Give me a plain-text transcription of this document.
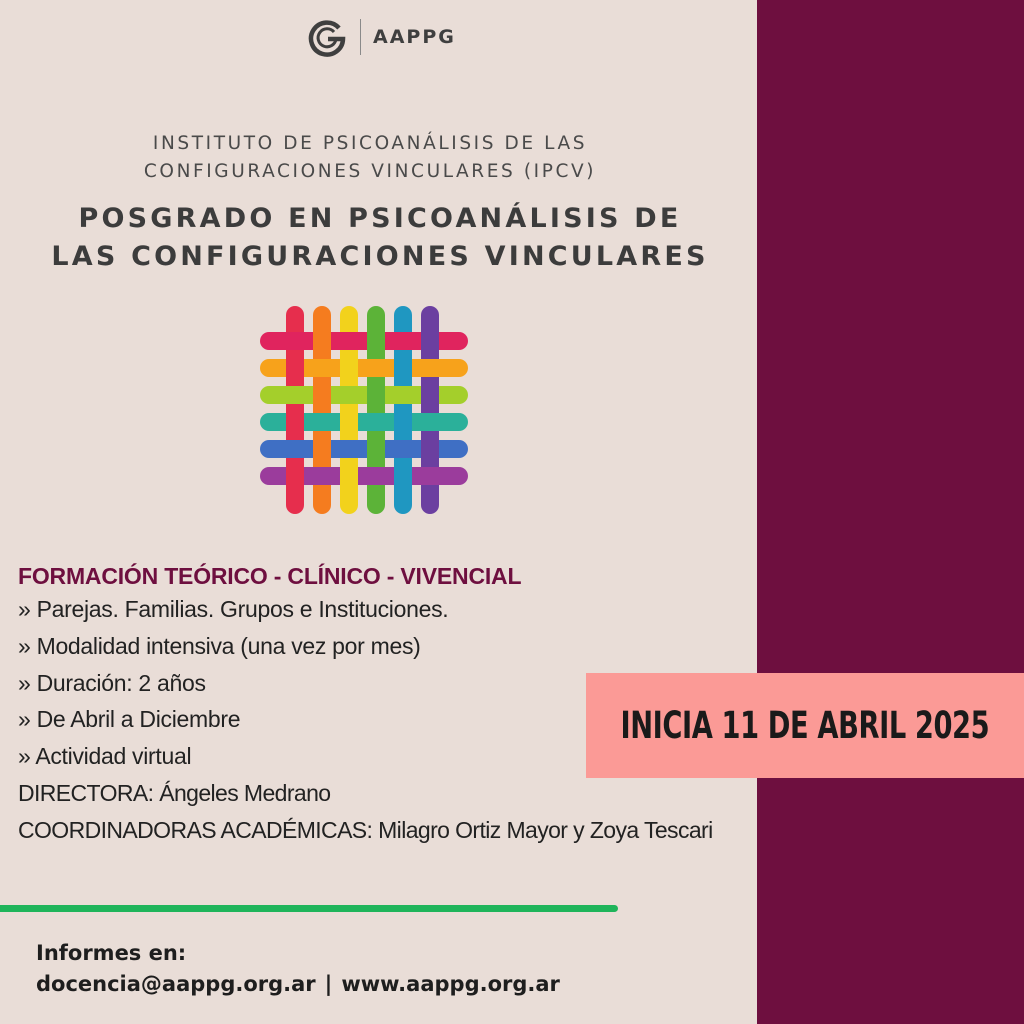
AAPPG
INSTITUTO DE PSICOANÁLISIS DE LAS
CONFIGURACIONES VINCULARES (IPCV)
POSGRADO EN PSICOANÁLISIS DE
LAS CONFIGURACIONES VINCULARES
FORMACIÓN TEÓRICO - CLÍNICO - VIVENCIAL
» Parejas. Familias. Grupos e Instituciones.
» Modalidad intensiva (una vez por mes)
» Duración: 2 años
» De Abril a Diciembre
» Actividad virtual
DIRECTORA: Ángeles Medrano
COORDINADORAS ACADÉMICAS: Milagro Ortiz Mayor y Zoya Tescari
INICIA 11 DE ABRIL 2025
Informes en:
docencia@aappg.org.ar | www.aappg.org.ar
